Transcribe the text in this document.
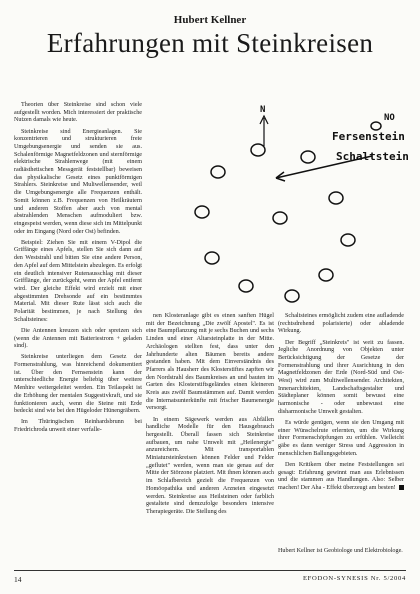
Hubert Kellner
Erfahrungen mit Steinkreisen

Theorien über Steinkreise sind schon viele aufgestellt worden. Mich interessiert der praktische Nutzen damals wie heute.

Steinkreise sind Energieanlagen. Sie konzentrieren und strukturieren freie Umgebungsenergie und senden sie aus. Schalenförmige Magnetfeldzonen und sternförmige elektrische Strahlenwege (mit einem radiästhetischen Messgerät feststellbar) beweisen das physikalische Gesetz eines punktförmigen Strahlers. Steinkreise und Muliwellensender, weil die Umgebungsenergie alle Frequenzen enthält. Somit können z.B. Frequenzen von Heilkräutern und anderen Stoffen aber auch von mental abstrahlenden Menschen aufmoduliert bzw. eingespeist werden, wenn diese sich im Mittelpunkt oder im Eingang (Nord oder Ost) befinden.

Beispiel: Ziehen Sie mit einem V-Dipol die Griffänge eines Apfels, stellen Sie sich dann auf den Weststrahl und bitten Sie eine andere Person, den Apfel auf dem Mittelstein abzulegen. Es erfolgt ein deutlich intensiver Rutenausschlag mit dieser Grifflänge, der zurückgeht, wenn der Apfel entfernt wird. Der gleiche Effekt wird erzielt mit einer abgestimmten Drehsonde auf ein bestimmtes Material. Mit dieser Rute lässt sich auch die Polarität bestimmen, je nach Stellung des Schaltsteines:

Die Antennen kreuzen sich oder spreizen sich (wenn die Antennen mit Batteriestrom + geladen sind).

Steinkreise unterliegen dem Gesetz der Formenstrahlung, was hinreichend dokumentiert ist. Über den Fernsenstein kann der unterschiedliche Energie beliebig über weitere Menhire weitergeleitet werden. Ein Teilaspekt ist die Erhöhung der mentalen Suggestivkraft, und sie funktionieren auch, wenn die Steine mit Erde bedeckt sind wie bei den Hügeloder Hünengräbern.

Im Thüringischen Reinhardsbrunn bei Friedrichroda unweit einer verfalle-

N
NO
Fersenstein
Schaltstein

nen Klosteranlage gibt es einen sanften Hügel mit der Bezeichnung „Die zwölf Apostel". Es ist eine Baumpflanzung mit je sechs Buchen und sechs Linden und einer Altarsteinplatte in der Mitte. Archäologen stellten fest, dass unter den Jahrhunderte alten Bäumen bereits andere gestanden haben. Mit dem Einverständnis des Pfarrers als Hausherr des Klosterstiftes zapften wir den Nordstrahl des Baumkreises an und bauten im Garten des Klosterstiftsgeländes einen kleineren Kreis aus zwölf Baumstämmen auf. Damit werden die Internatsunterkünfte mit frischer Baumenergie versorgt.

In einem Sägewerk werden aus Abfällen handliche Modelle für den Hausgebrauch hergestellt. Überall fassen sich Steinkreise aufbauen, um nahe Umwelt mit „Heilenergie" anzureichern. Mit transportablen Miniatursteinkreisen können Felder und Felder „geflutet" werden, wenn man sie genau auf der Mitte der Störzone platziert. Mit ihnen können auch im Schlafbereich gezielt die Frequenzen von Homöopathika und anderen Arzneien eingesetzt werden. Steinkreise aus Heilsteinen oder farblich gestaltete sind demzufolge besonders intensive Therapiegeräte. Die Stellung des

Schaltsteines ermöglicht zudem eine aufladende (rechtsdrehend polarisierte) oder abladende Wirkung.

Der Begriff „Steinkreis" ist weit zu fassen. Jegliche Anordnung von Objekten unter Berücksichtigung der Gesetze der Formenstrahlung und ihrer Ausrichtung in den Magnetfeldzonen der Erde (Nord-Süd und Ost-West) wird zum Multiwellensender. Architekten, Innenarchitekten, Landschaftsgestalter und Städteplaner können somit bewusst eine harmonische - oder unbewusst eine disharmonische Umwelt gestalten.

Es würde genügen, wenn sie den Umgang mit einer Wünschelrute erlernten, um die Wirkung ihrer Formenschöpfungen zu erfühlen. Vielleicht gäbe es dann weniger Stress und Aggression in menschlichen Ballungsgebieten.

Den Kritikern über meine Feststellungen sei gesagt: Erfahrung gewinnt man aus Erlebnissen und die stammen aus Handlungen. Also: Selber machen! Der Aha - Effekt überzeugt am besten!

Hubert Kellner ist Geobiologe und Elektrobiologe.

14	EFODON-SYNESIS Nr. 5/2004
